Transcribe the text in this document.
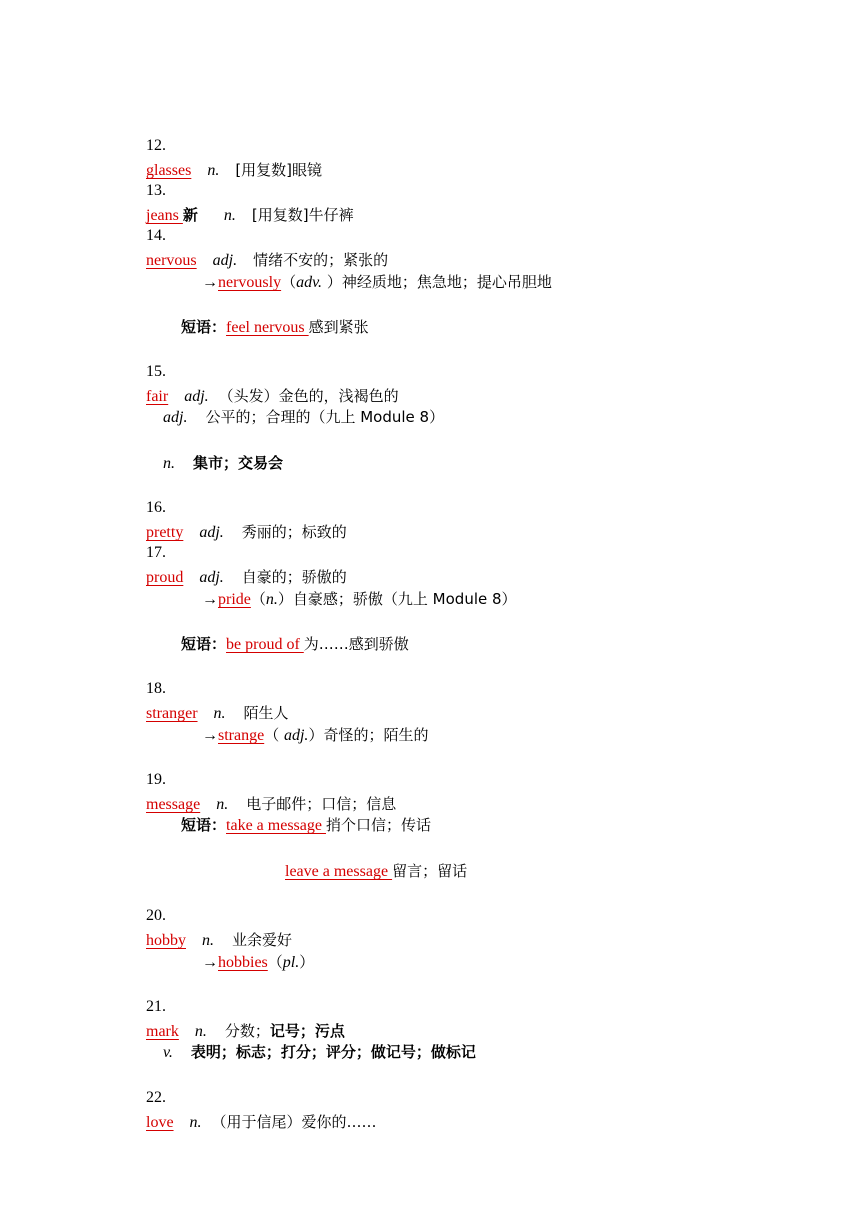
12.
glasses n. [用复数]眼镜

13.
jeans 新 n. [用复数]牛仔裤

14.
nervous adj. 情绪不安的；紧张的

→nervously（adv. ）神经质地；焦急地；提心吊胆地

短语：feel nervous 感到紧张

15.
fair adj. （头发）金色的，浅褐色的

adj. 公平的；合理的（九上 Module 8）

n. 集市；交易会

16.
pretty adj. 秀丽的；标致的

17.
proud adj. 自豪的；骄傲的

→pride（n.）自豪感；骄傲（九上 Module 8）

短语：be proud of 为……感到骄傲

18.
stranger n. 陌生人

→strange（ adj.）奇怪的；陌生的

19.
message n. 电子邮件；口信；信息

短语：take a message 捎个口信；传话

leave a message 留言；留话

20.
hobby n. 业余爱好

→hobbies（pl.）

21.
mark n. 分数；记号；污点

v. 表明；标志；打分；评分；做记号；做标记

22.
love n. （用于信尾）爱你的……
